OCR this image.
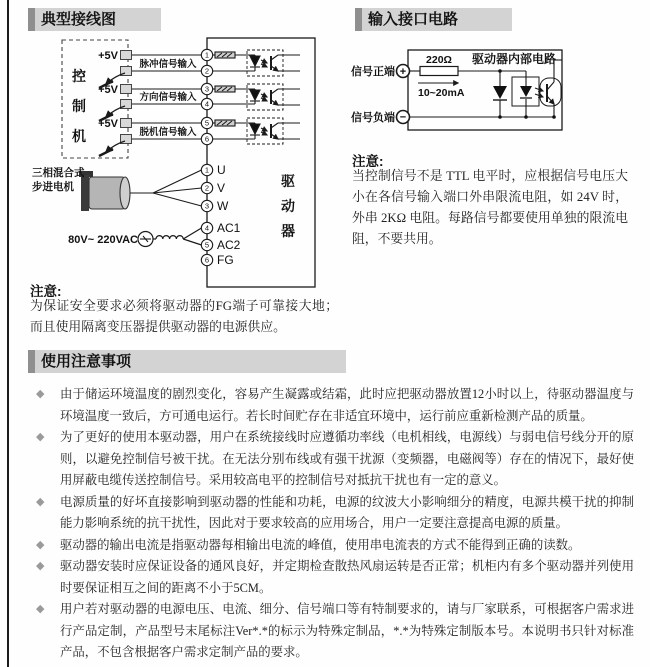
典型接线图
控
制
机
+5V
+5V
+5V
脉冲信号输入
方向信号输入
脱机信号输入
三相混合式
步进电机
80V~ 220VAC
1
2
3
4
5
6
1
2
3
4
5
6
U
V
W
AC1
AC2
FG
驱
动
器
注意:
为保证安全要求必须将驱动器的FG端子可靠接大地；而且使用隔离变压器提供驱动器的电源供应。
输入接口电路
驱动器内部电路
信号正端
信号负端
+
−
220Ω
10~20mA
注意:
当控制信号不是 TTL 电平时，应根据信号电压大小在各信号输入端口外串限流电阻，如 24V 时，外串 2KΩ 电阻。每路信号都要使用单独的限流电阻，不要共用。
使用注意事项
◆ 由于储运环境温度的剧烈变化，容易产生凝露或结霜，此时应把驱动器放置12小时以上，待驱动器温度与环境温度一致后，方可通电运行。若长时间贮存在非适宜环境中，运行前应重新检测产品的质量。
◆ 为了更好的使用本驱动器，用户在系统接线时应遵循功率线（电机相线，电源线）与弱电信号线分开的原则，以避免控制信号被干扰。在无法分别布线或有强干扰源（变频器，电磁阀等）存在的情况下，最好使用屏蔽电缆传送控制信号。采用较高电平的控制信号对抵抗干扰也有一定的意义。
◆ 电源质量的好坏直接影响到驱动器的性能和功耗，电源的纹波大小影响细分的精度，电源共模干扰的抑制能力影响系统的抗干扰性，因此对于要求较高的应用场合，用户一定要注意提高电源的质量。
◆ 驱动器的输出电流是指驱动器每相输出电流的峰值，使用串电流表的方式不能得到正确的读数。
◆ 驱动器安装时应保证设备的通风良好，并定期检查散热风扇运转是否正常；机柜内有多个驱动器并列使用时要保证相互之间的距离不小于5CM。
◆ 用户若对驱动器的电源电压、电流、细分、信号端口等有特制要求的，请与厂家联系，可根据客户需求进行产品定制，产品型号末尾标注Ver*.*的标示为特殊定制品，*.*为特殊定制版本号。本说明书只针对标准产品，不包含根据客户需求定制产品的要求。
